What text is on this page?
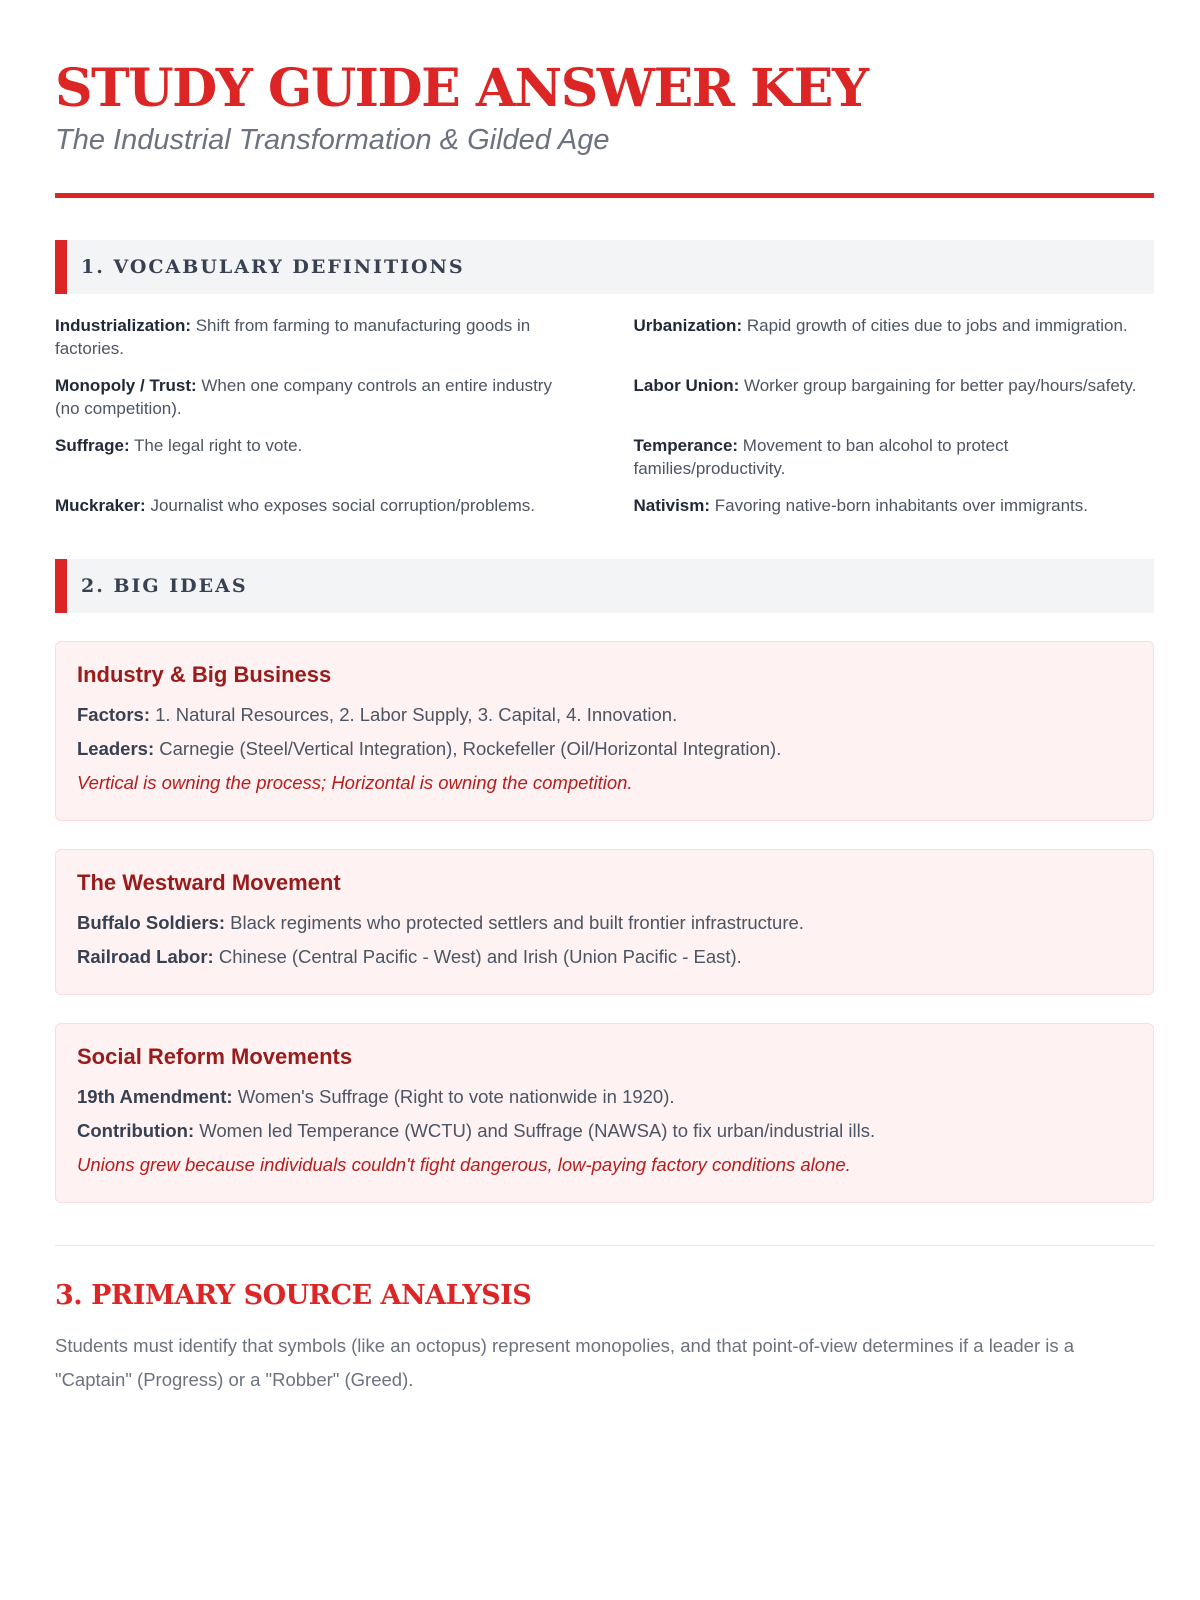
STUDY GUIDE ANSWER KEY
The Industrial Transformation & Gilded Age
1. VOCABULARY DEFINITIONS
Industrialization: Shift from farming to manufacturing goods in factories.
Urbanization: Rapid growth of cities due to jobs and immigration.
Monopoly / Trust: When one company controls an entire industry (no competition).
Labor Union: Worker group bargaining for better pay/hours/safety.
Suffrage: The legal right to vote.	Temperance: Movement to ban alcohol to protect families/productivity.
Muckraker: Journalist who exposes social corruption/problems.	Nativism: Favoring native-born inhabitants over immigrants.
2. BIG IDEAS
Industry & Big Business

Factors: 1. Natural Resources, 2. Labor Supply, 3. Capital, 4. Innovation.

Leaders: Carnegie (Steel/Vertical Integration), Rockefeller (Oil/Horizontal Integration).

Vertical is owning the process; Horizontal is owning the competition.

The Westward Movement

Buffalo Soldiers: Black regiments who protected settlers and built frontier infrastructure.

Railroad Labor: Chinese (Central Pacific - West) and Irish (Union Pacific - East).

Social Reform Movements

19th Amendment: Women's Suffrage (Right to vote nationwide in 1920).

Contribution: Women led Temperance (WCTU) and Suffrage (NAWSA) to fix urban/industrial ills.

Unions grew because individuals couldn't fight dangerous, low-paying factory conditions alone.

3. PRIMARY SOURCE ANALYSIS
Students must identify that symbols (like an octopus) represent monopolies, and that point-of-view determines if a leader is a "Captain" (Progress) or a "Robber" (Greed).
